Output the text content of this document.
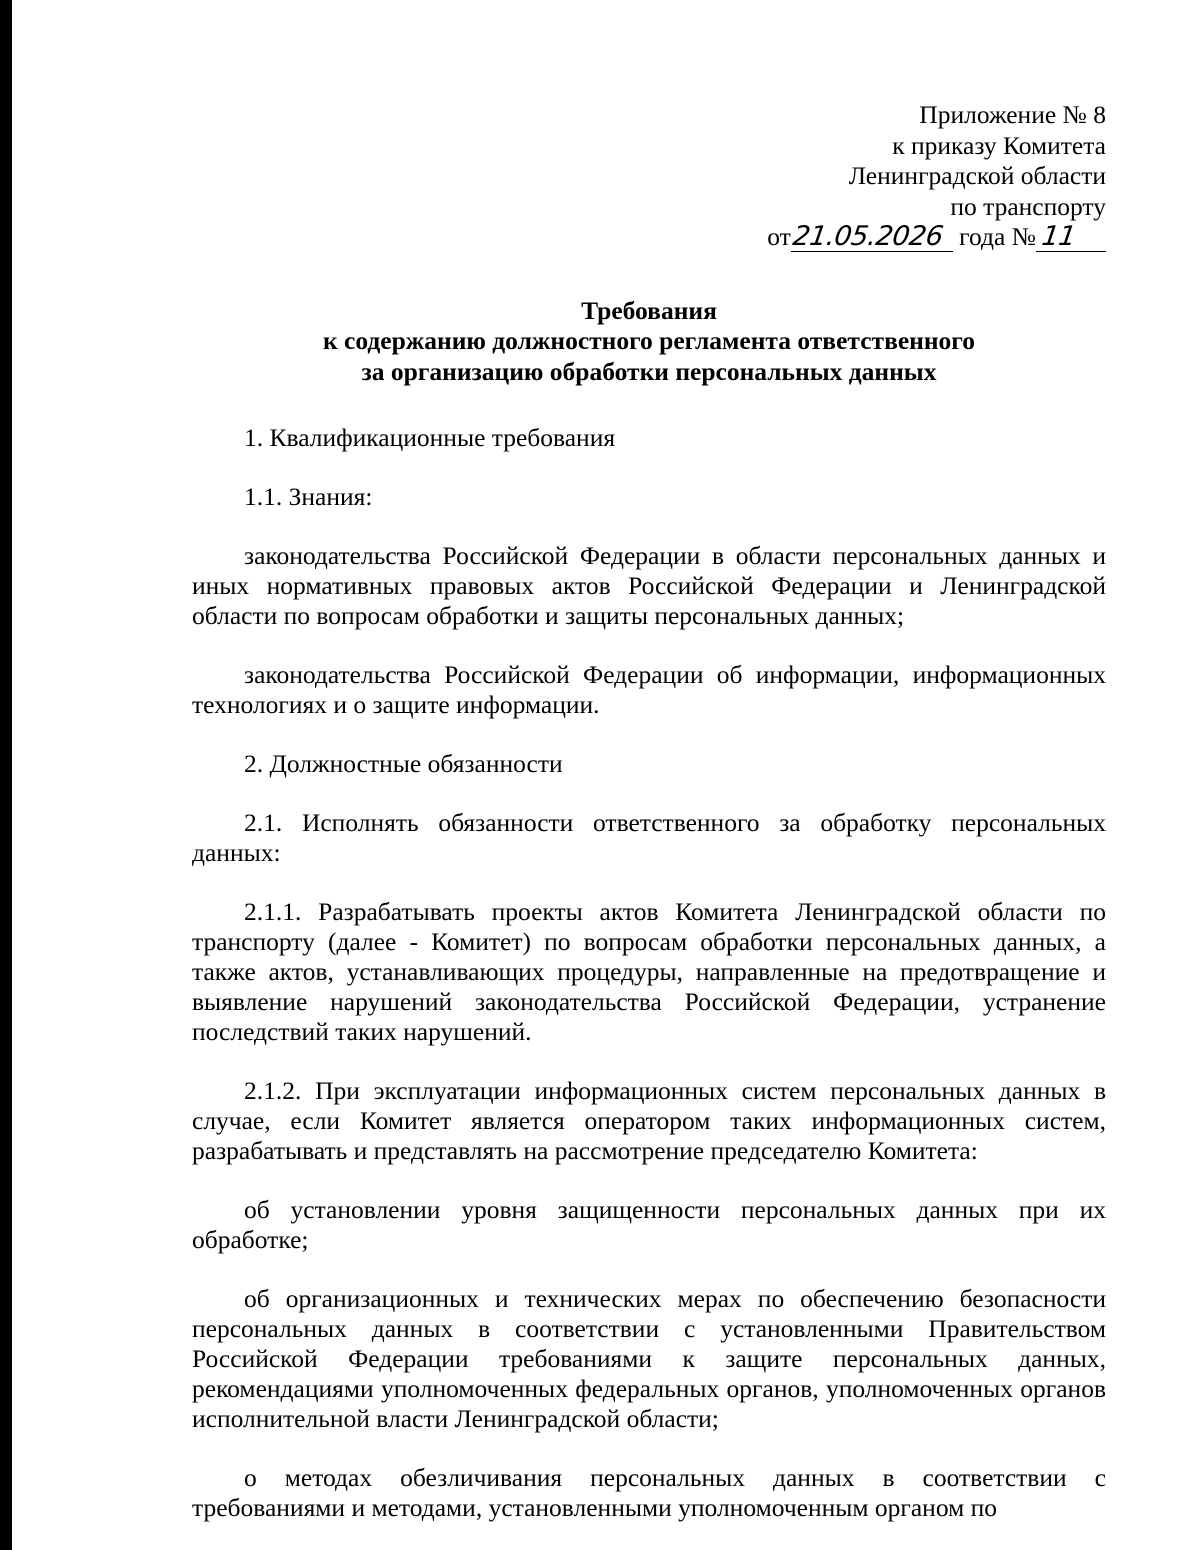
Приложение № 8
к приказу Комитета
Ленинградской области
по транспорту
от21.05.2026 года № 11
Требования
к содержанию должностного регламента ответственного
за организацию обработки персональных данных

1. Квалификационные требования

1.1. Знания:

законодательства Российской Федерации в области персональных данных и иных нормативных правовых актов Российской Федерации и Ленинградской области по вопросам обработки и защиты персональных данных;

законодательства Российской Федерации об информации, информационных технологиях и о защите информации.

2. Должностные обязанности

2.1. Исполнять обязанности ответственного за обработку персональных данных:

2.1.1. Разрабатывать проекты актов Комитета Ленинградской области по транспорту (далее - Комитет) по вопросам обработки персональных данных, а также актов, устанавливающих процедуры, направленные на предотвращение и выявление нарушений законодательства Российской Федерации, устранение последствий таких нарушений.

2.1.2. При эксплуатации информационных систем персональных данных в случае, если Комитет является оператором таких информационных систем, разрабатывать и представлять на рассмотрение председателю Комитета:

об установлении уровня защищенности персональных данных при их обработке;

об организационных и технических мерах по обеспечению безопасности персональных данных в соответствии с установленными Правительством Российской Федерации требованиями к защите персональных данных, рекомендациями уполномоченных федеральных органов, уполномоченных органов исполнительной власти Ленинградской области;

о методах обезличивания персональных данных в соответствии с требованиями и методами, установленными уполномоченным органом по
